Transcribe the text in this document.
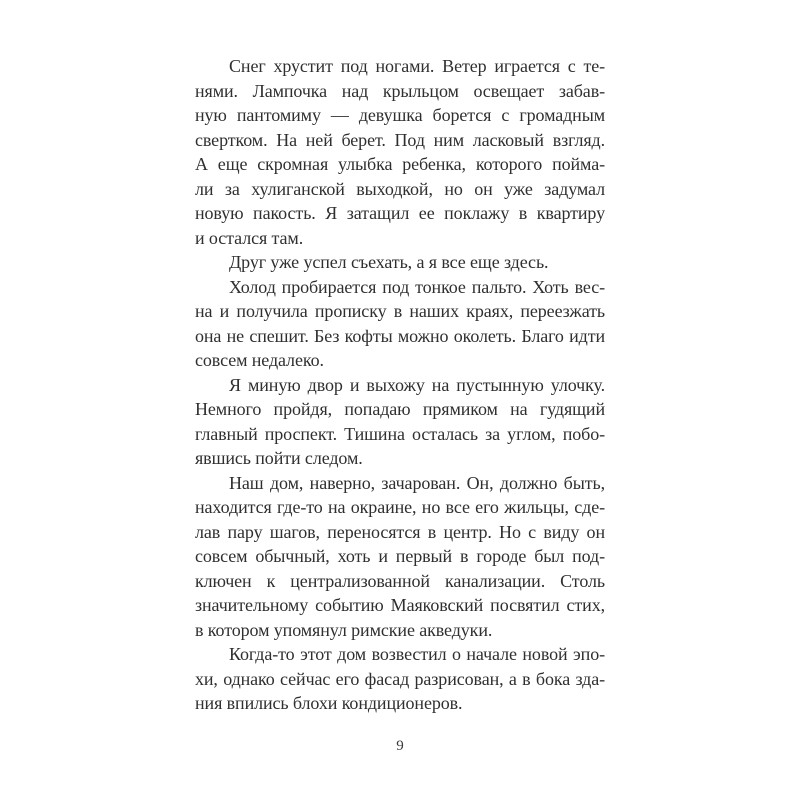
Снег хрустит под ногами. Ветер играется с те-
нями. Лампочка над крыльцом освещает забав-
ную пантомиму — девушка борется с громадным
свертком. На ней берет. Под ним ласковый взгляд.
А еще скромная улыбка ребенка, которого пойма-
ли за хулиганской выходкой, но он уже задумал
новую пакость. Я затащил ее поклажу в квартиру
и остался там.
Друг уже успел съехать, а я все еще здесь.
Холод пробирается под тонкое пальто. Хоть вес-
на и получила прописку в наших краях, переезжать
она не спешит. Без кофты можно околеть. Благо идти
совсем недалеко.
Я миную двор и выхожу на пустынную улочку.
Немного пройдя, попадаю прямиком на гудящий
главный проспект. Тишина осталась за углом, побо-
явшись пойти следом.
Наш дом, наверно, зачарован. Он, должно быть,
находится где-то на окраине, но все его жильцы, сде-
лав пару шагов, переносятся в центр. Но с виду он
совсем обычный, хоть и первый в городе был под-
ключен к централизованной канализации. Столь
значительному событию Маяковский посвятил стих,
в котором упомянул римские акведуки.
Когда-то этот дом возвестил о начале новой эпо-
хи, однако сейчас его фасад разрисован, а в бока зда-
ния впились блохи кондиционеров.
9
